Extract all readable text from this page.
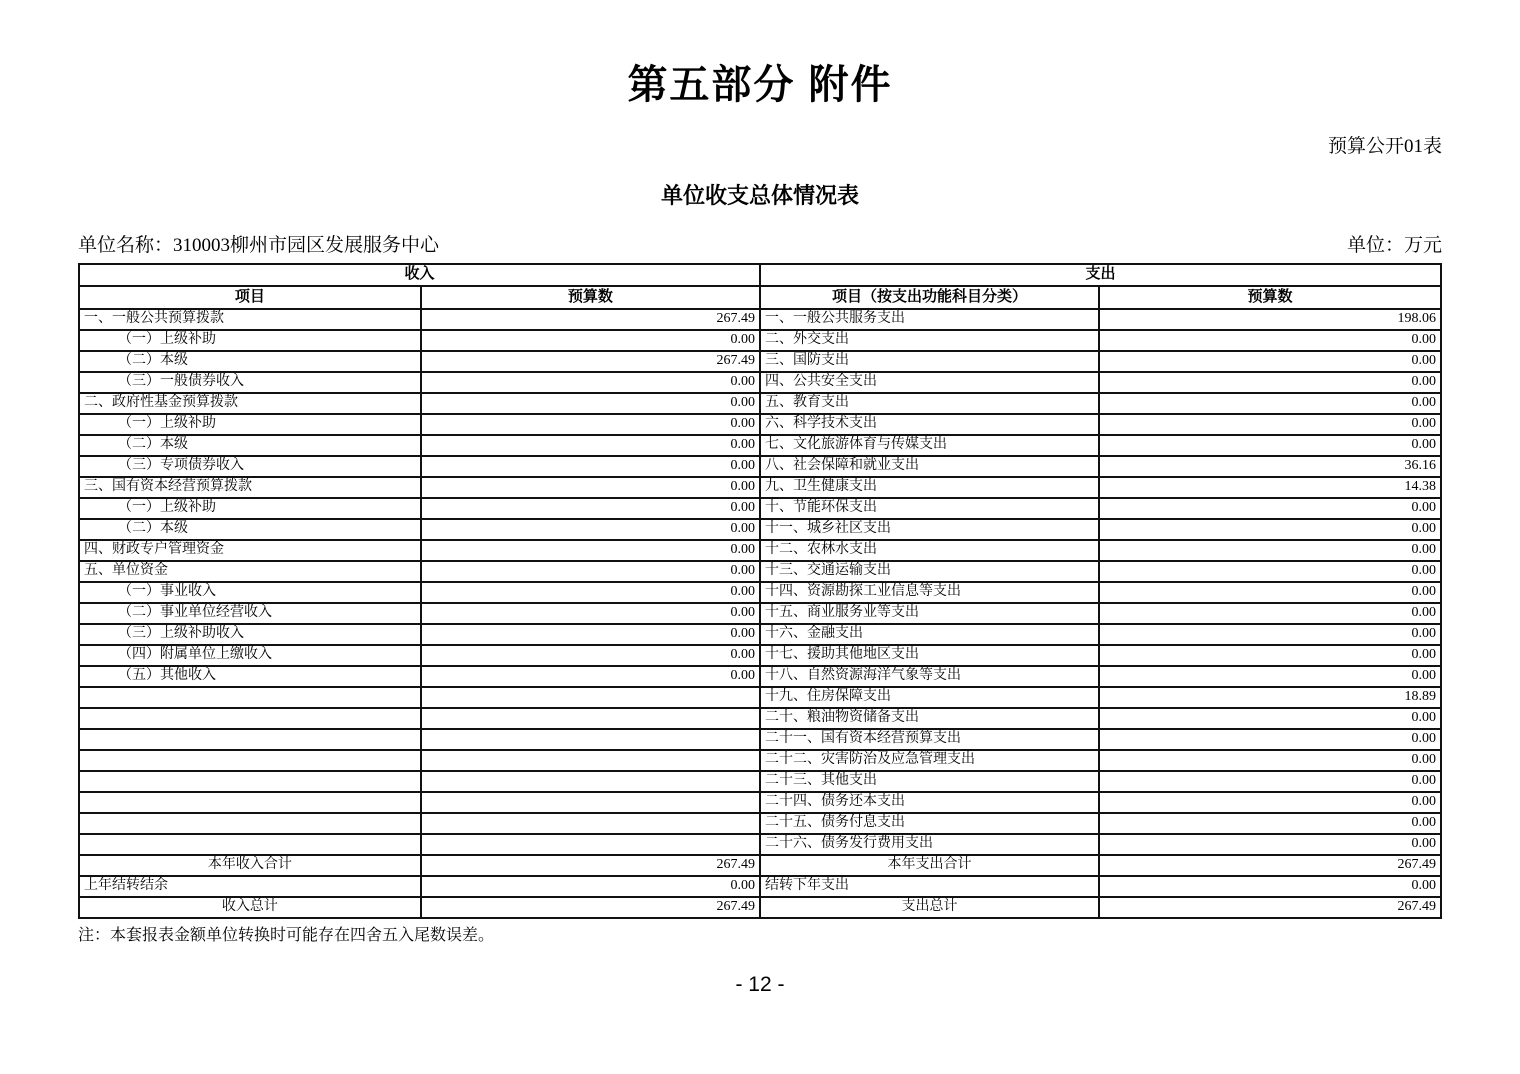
第五部分 附件
预算公开01表
单位收支总体情况表
单位名称：310003柳州市园区发展服务中心	单位：万元
收入		支出	
项目	预算数	项目（按支出功能科目分类）	预算数
一、一般公共预算拨款	267.49	一、一般公共服务支出	198.06
（一）上级补助	0.00	二、外交支出	0.00
（二）本级	267.49	三、国防支出	0.00
（三）一般债券收入	0.00	四、公共安全支出	0.00
二、政府性基金预算拨款	0.00	五、教育支出	0.00
（一）上级补助	0.00	六、科学技术支出	0.00
（二）本级	0.00	七、文化旅游体育与传媒支出	0.00
（三）专项债券收入	0.00	八、社会保障和就业支出	36.16
三、国有资本经营预算拨款	0.00	九、卫生健康支出	14.38
（一）上级补助	0.00	十、节能环保支出	0.00
（二）本级	0.00	十一、城乡社区支出	0.00
四、财政专户管理资金	0.00	十二、农林水支出	0.00
五、单位资金	0.00	十三、交通运输支出	0.00
（一）事业收入	0.00	十四、资源勘探工业信息等支出	0.00
（二）事业单位经营收入	0.00	十五、商业服务业等支出	0.00
（三）上级补助收入	0.00	十六、金融支出	0.00
（四）附属单位上缴收入	0.00	十七、援助其他地区支出	0.00
（五）其他收入	0.00	十八、自然资源海洋气象等支出	0.00
		十九、住房保障支出	18.89
		二十、粮油物资储备支出	0.00
		二十一、国有资本经营预算支出	0.00
		二十二、灾害防治及应急管理支出	0.00
		二十三、其他支出	0.00
		二十四、债务还本支出	0.00
		二十五、债务付息支出	0.00
		二十六、债务发行费用支出	0.00
本年收入合计	267.49	本年支出合计	267.49
上年结转结余	0.00	结转下年支出	0.00
收入总计	267.49	支出总计	267.49
注：本套报表金额单位转换时可能存在四舍五入尾数误差。
- 12 -
